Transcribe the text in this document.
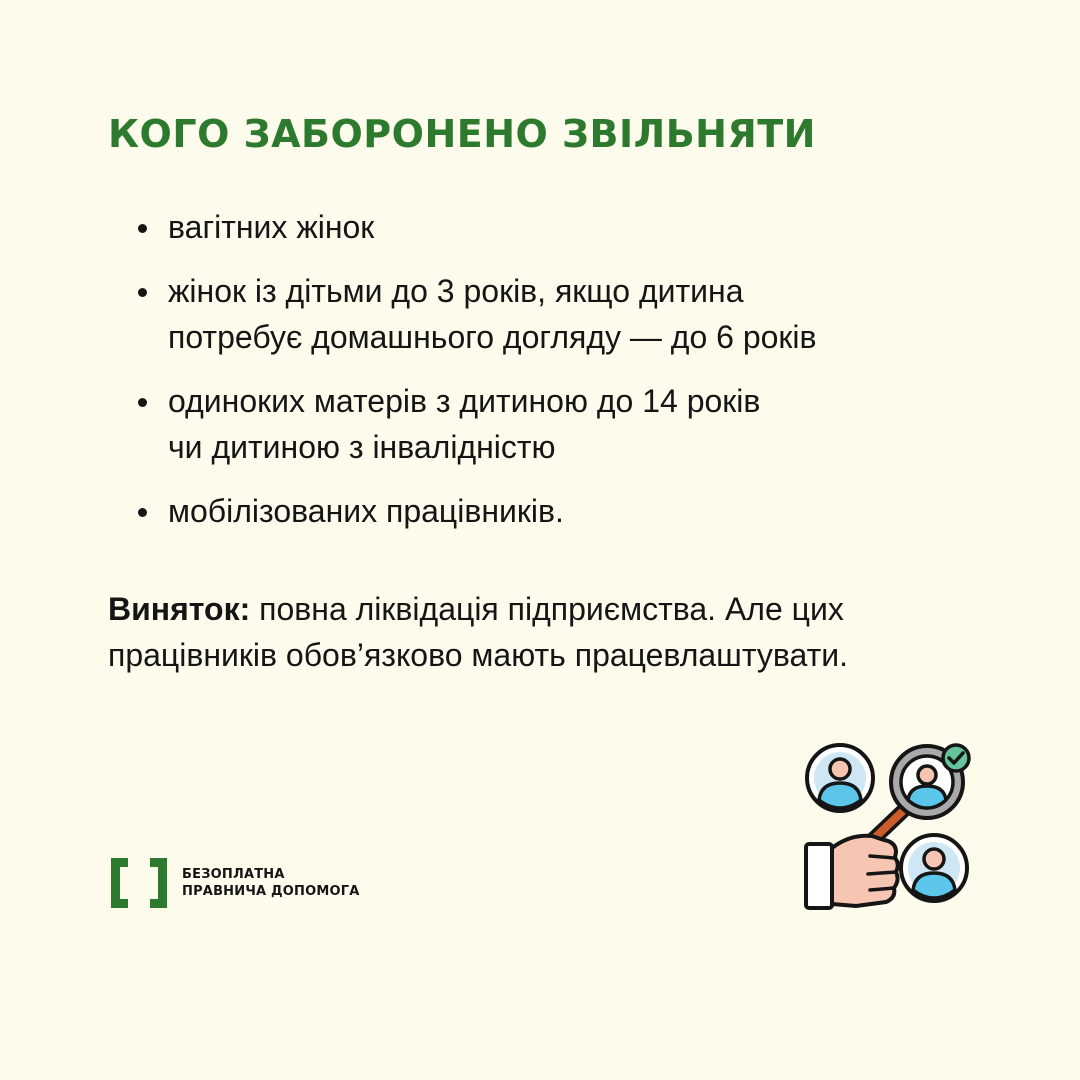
КОГО ЗАБОРОНЕНО ЗВІЛЬНЯТИ
вагітних жінок
жінок із дітьми до 3 років, якщо дитина
потребує домашнього догляду — до 6 років
одиноких матерів з дитиною до 14 років
чи дитиною з інвалідністю
мобілізованих працівників.

Виняток: повна ліквідація підприємства. Але цих працівників обов’язково мають працевлаштувати.

БЕЗОПЛАТНА
ПРАВНИЧА ДОПОМОГА
